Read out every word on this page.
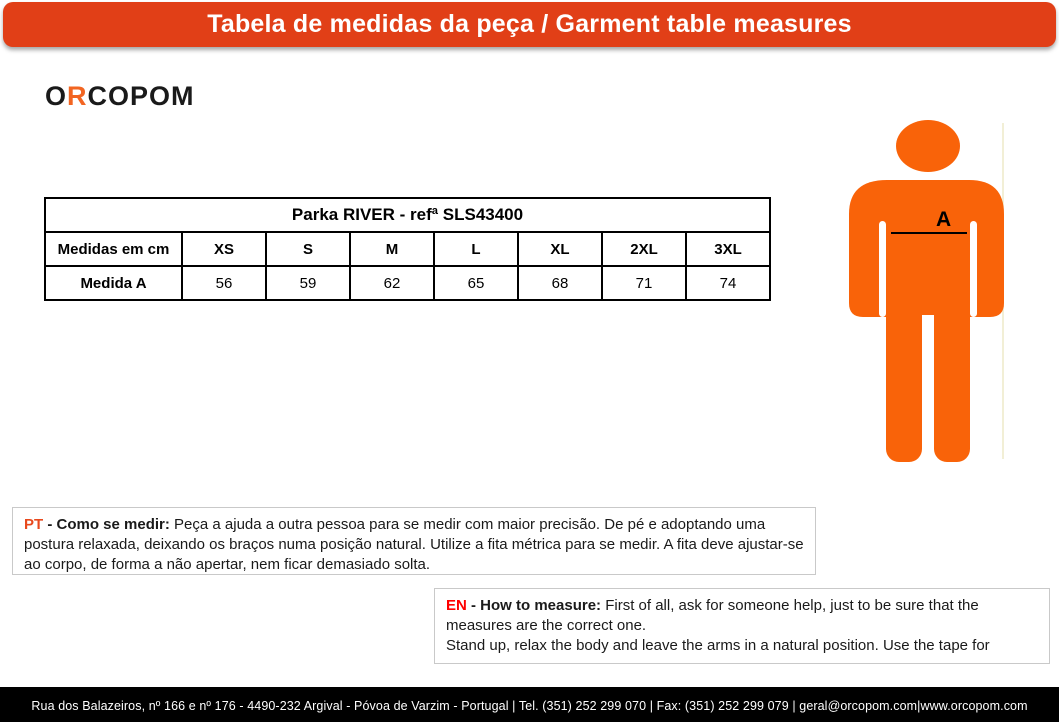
Tabela de medidas da peça / Garment table measures
ORCOPOM
Parka RIVER - refª SLS43400							
Medidas em cm	XS	S	M	L	XL	2XL	3XL
Medida A	56	59	62	65	68	71	74
A
PT - Como se medir: Peça a ajuda a outra pessoa para se medir com maior precisão. De pé e adoptando uma postura relaxada, deixando os braços numa posição natural. Utilize a fita métrica para se medir. A fita deve ajustar-se ao corpo, de forma a não apertar, nem ficar demasiado solta.
EN - How to measure: First of all, ask for someone help, just to be sure that the measures are the correct one.
Stand up, relax the body and leave the arms in a natural position. Use the tape for
Rua dos Balazeiros, nº 166 e nº 176 - 4490-232 Argival - Póvoa de Varzim - Portugal | Tel. (351) 252 299 070 | Fax: (351) 252 299 079 | geral@orcopom.com|www.orcopom.com
